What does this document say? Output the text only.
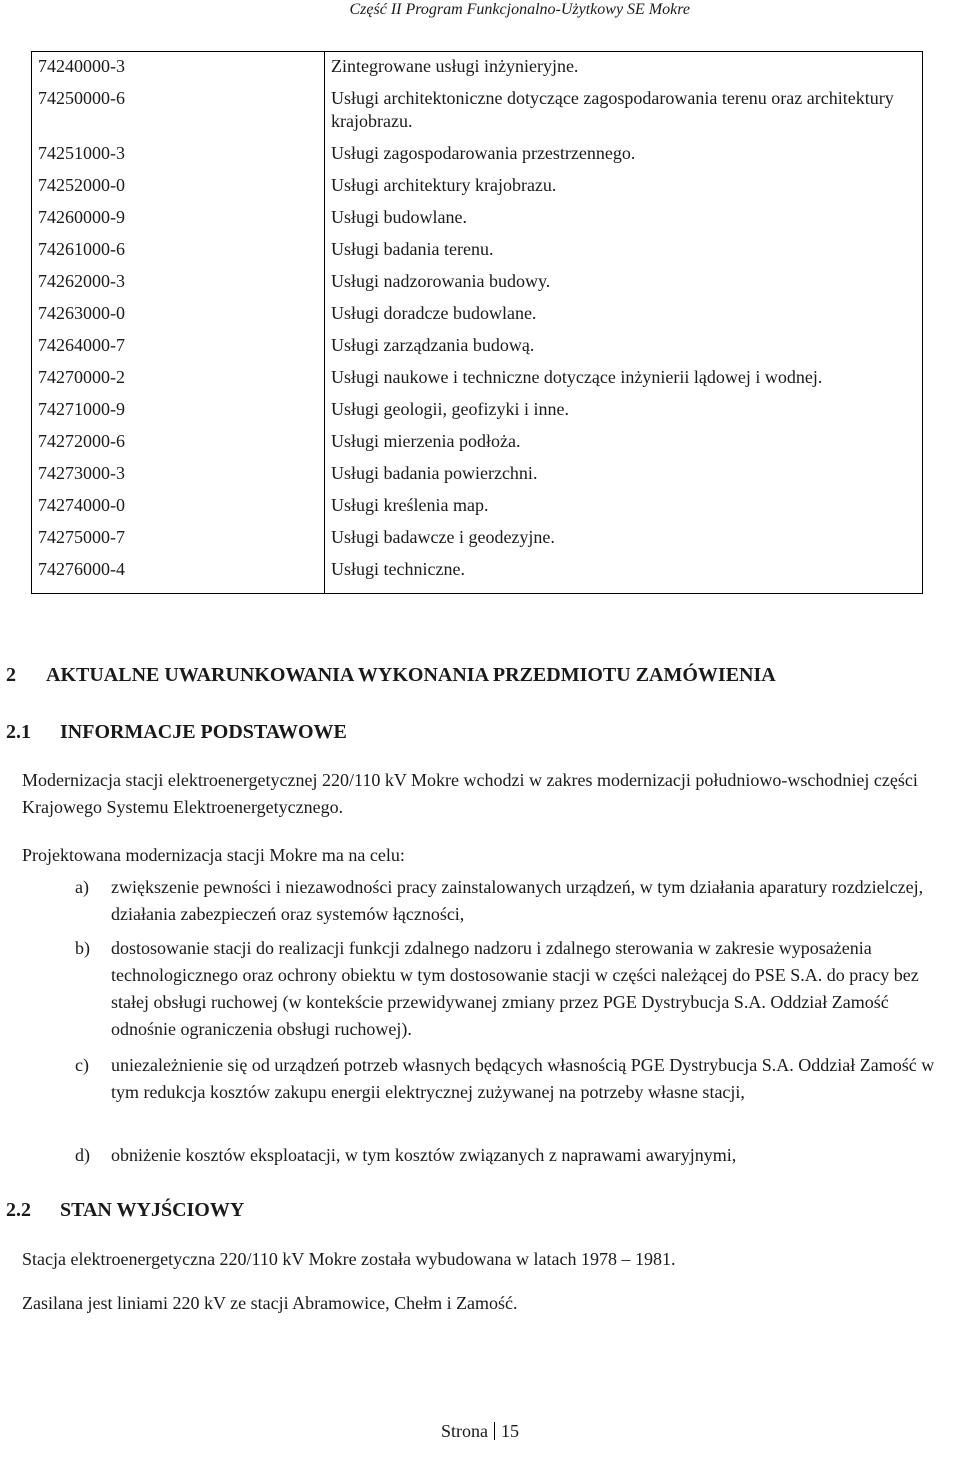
Część II Program Funkcjonalno-Użytkowy SE Mokre
74240000-3	Zintegrowane usługi inżynieryjne.
74250000-6	Usługi architektoniczne dotyczące zagospodarowania terenu oraz architektury krajobrazu.
74251000-3	Usługi zagospodarowania przestrzennego.
74252000-0	Usługi architektury krajobrazu.
74260000-9	Usługi budowlane.
74261000-6	Usługi badania terenu.
74262000-3	Usługi nadzorowania budowy.
74263000-0	Usługi doradcze budowlane.
74264000-7	Usługi zarządzania budową.
74270000-2	Usługi naukowe i techniczne dotyczące inżynierii lądowej i wodnej.
74271000-9	Usługi geologii, geofizyki i inne.
74272000-6	Usługi mierzenia podłoża.
74273000-3	Usługi badania powierzchni.
74274000-0	Usługi kreślenia map.
74275000-7	Usługi badawcze i geodezyjne.
74276000-4	Usługi techniczne.
2 AKTUALNE UWARUNKOWANIA WYKONANIA PRZEDMIOTU ZAMÓWIENIA
2.1 INFORMACJE PODSTAWOWE

Modernizacja stacji elektroenergetycznej 220/110 kV Mokre wchodzi w zakres modernizacji południowo-wschodniej części Krajowego Systemu Elektroenergetycznego.

Projektowana modernizacja stacji Mokre ma na celu:

a)	zwiększenie pewności i niezawodności pracy zainstalowanych urządzeń, w tym działania aparatury rozdzielczej, działania zabezpieczeń oraz systemów łączności,
b)	dostosowanie stacji do realizacji funkcji zdalnego nadzoru i zdalnego sterowania w zakresie wyposażenia technologicznego oraz ochrony obiektu w tym dostosowanie stacji w części należącej do PSE S.A. do pracy bez stałej obsługi ruchowej (w kontekście przewidywanej zmiany przez PGE Dystrybucja S.A. Oddział Zamość odnośnie ograniczenia obsługi ruchowej).
c)	uniezależnienie się od urządzeń potrzeb własnych będących własnością PGE Dystrybucja S.A. Oddział Zamość w tym redukcja kosztów zakupu energii elektrycznej zużywanej na potrzeby własne stacji,
d)	obniżenie kosztów eksploatacji, w tym kosztów związanych z naprawami awaryjnymi,
2.2 STAN WYJŚCIOWY

Stacja elektroenergetyczna 220/110 kV Mokre została wybudowana w latach 1978 – 1981.

Zasilana jest liniami 220 kV ze stacji Abramowice, Chełm i Zamość.

Strona 15
